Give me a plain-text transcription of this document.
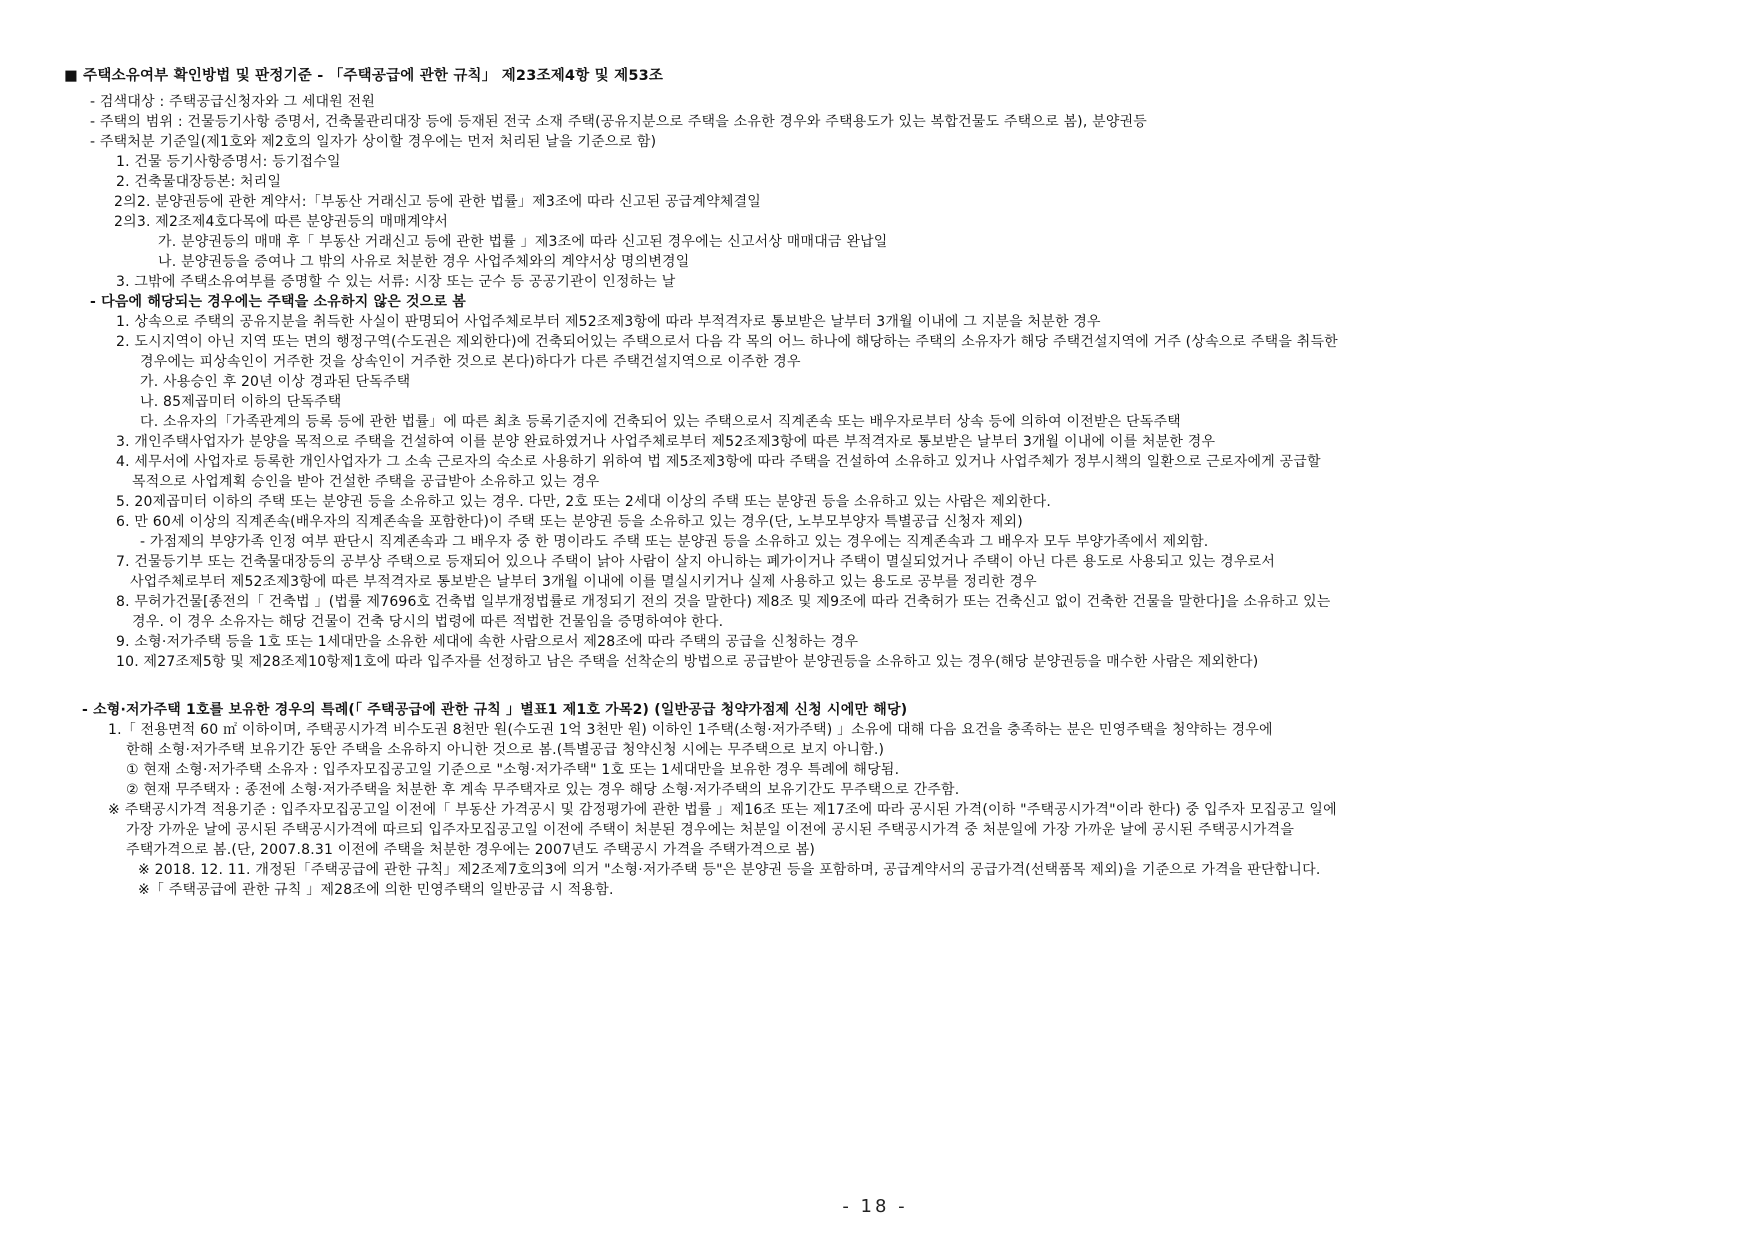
■ 주택소유여부 확인방법 및 판정기준 - 「주택공급에 관한 규칙」 제23조제4항 및 제53조
- 검색대상 : 주택공급신청자와 그 세대원 전원
- 주택의 범위 : 건물등기사항 증명서, 건축물관리대장 등에 등재된 전국 소재 주택(공유지분으로 주택을 소유한 경우와 주택용도가 있는 복합건물도 주택으로 봄), 분양권등
- 주택처분 기준일(제1호와 제2호의 일자가 상이할 경우에는 먼저 처리된 날을 기준으로 함)
1. 건물 등기사항증명서: 등기접수일
2. 건축물대장등본: 처리일
2의2. 분양권등에 관한 계약서:「부동산 거래신고 등에 관한 법률」제3조에 따라 신고된 공급계약체결일
2의3. 제2조제4호다목에 따른 분양권등의 매매계약서
가. 분양권등의 매매 후「 부동산 거래신고 등에 관한 법률 」제3조에 따라 신고된 경우에는 신고서상 매매대금 완납일
나. 분양권등을 증여나 그 밖의 사유로 처분한 경우 사업주체와의 계약서상 명의변경일
3. 그밖에 주택소유여부를 증명할 수 있는 서류: 시장 또는 군수 등 공공기관이 인정하는 날
- 다음에 해당되는 경우에는 주택을 소유하지 않은 것으로 봄
1. 상속으로 주택의 공유지분을 취득한 사실이 판명되어 사업주체로부터 제52조제3항에 따라 부적격자로 통보받은 날부터 3개월 이내에 그 지분을 처분한 경우
2. 도시지역이 아닌 지역 또는 면의 행정구역(수도권은 제외한다)에 건축되어있는 주택으로서 다음 각 목의 어느 하나에 해당하는 주택의 소유자가 해당 주택건설지역에 거주 (상속으로 주택을 취득한
경우에는 피상속인이 거주한 것을 상속인이 거주한 것으로 본다)하다가 다른 주택건설지역으로 이주한 경우
가. 사용승인 후 20년 이상 경과된 단독주택
나. 85제곱미터 이하의 단독주택
다. 소유자의「가족관계의 등록 등에 관한 법률」에 따른 최초 등록기준지에 건축되어 있는 주택으로서 직계존속 또는 배우자로부터 상속 등에 의하여 이전받은 단독주택
3. 개인주택사업자가 분양을 목적으로 주택을 건설하여 이를 분양 완료하였거나 사업주체로부터 제52조제3항에 따른 부적격자로 통보받은 날부터 3개월 이내에 이를 처분한 경우
4. 세무서에 사업자로 등록한 개인사업자가 그 소속 근로자의 숙소로 사용하기 위하여 법 제5조제3항에 따라 주택을 건설하여 소유하고 있거나 사업주체가 정부시책의 일환으로 근로자에게 공급할
목적으로 사업계획 승인을 받아 건설한 주택을 공급받아 소유하고 있는 경우
5. 20제곱미터 이하의 주택 또는 분양권 등을 소유하고 있는 경우. 다만, 2호 또는 2세대 이상의 주택 또는 분양권 등을 소유하고 있는 사람은 제외한다.
6. 만 60세 이상의 직계존속(배우자의 직계존속을 포함한다)이 주택 또는 분양권 등을 소유하고 있는 경우(단, 노부모부양자 특별공급 신청자 제외)
- 가점제의 부양가족 인정 여부 판단시 직계존속과 그 배우자 중 한 명이라도 주택 또는 분양권 등을 소유하고 있는 경우에는 직계존속과 그 배우자 모두 부양가족에서 제외함.
7. 건물등기부 또는 건축물대장등의 공부상 주택으로 등재되어 있으나 주택이 낡아 사람이 살지 아니하는 폐가이거나 주택이 멸실되었거나 주택이 아닌 다른 용도로 사용되고 있는 경우로서
사업주체로부터 제52조제3항에 따른 부적격자로 통보받은 날부터 3개월 이내에 이를 멸실시키거나 실제 사용하고 있는 용도로 공부를 정리한 경우
8. 무허가건물[종전의「 건축법 」(법률 제7696호 건축법 일부개정법률로 개정되기 전의 것을 말한다) 제8조 및 제9조에 따라 건축허가 또는 건축신고 없이 건축한 건물을 말한다]을 소유하고 있는
경우. 이 경우 소유자는 해당 건물이 건축 당시의 법령에 따른 적법한 건물임을 증명하여야 한다.
9. 소형·저가주택 등을 1호 또는 1세대만을 소유한 세대에 속한 사람으로서 제28조에 따라 주택의 공급을 신청하는 경우
10. 제27조제5항 및 제28조제10항제1호에 따라 입주자를 선정하고 남은 주택을 선착순의 방법으로 공급받아 분양권등을 소유하고 있는 경우(해당 분양권등을 매수한 사람은 제외한다)
- 소형·저가주택 1호를 보유한 경우의 특례(「 주택공급에 관한 규칙 」별표1 제1호 가목2) (일반공급 청약가점제 신청 시에만 해당)
1.「 전용면적 60 ㎡ 이하이며, 주택공시가격 비수도권 8천만 원(수도권 1억 3천만 원) 이하인 1주택(소형·저가주택) 」소유에 대해 다음 요건을 충족하는 분은 민영주택을 청약하는 경우에
한해 소형·저가주택 보유기간 동안 주택을 소유하지 아니한 것으로 봄.(특별공급 청약신청 시에는 무주택으로 보지 아니함.)
① 현재 소형·저가주택 소유자 : 입주자모집공고일 기준으로 "소형·저가주택" 1호 또는 1세대만을 보유한 경우 특례에 해당됨.
② 현재 무주택자 : 종전에 소형·저가주택을 처분한 후 계속 무주택자로 있는 경우 해당 소형·저가주택의 보유기간도 무주택으로 간주함.
※ 주택공시가격 적용기준 : 입주자모집공고일 이전에「 부동산 가격공시 및 감정평가에 관한 법률 」제16조 또는 제17조에 따라 공시된 가격(이하 "주택공시가격"이라 한다) 중 입주자 모집공고 일에
가장 가까운 날에 공시된 주택공시가격에 따르되 입주자모집공고일 이전에 주택이 처분된 경우에는 처분일 이전에 공시된 주택공시가격 중 처분일에 가장 가까운 날에 공시된 주택공시가격을
주택가격으로 봄.(단, 2007.8.31 이전에 주택을 처분한 경우에는 2007년도 주택공시 가격을 주택가격으로 봄)
※ 2018. 12. 11. 개정된「주택공급에 관한 규칙」제2조제7호의3에 의거 "소형·저가주택 등"은 분양권 등을 포함하며, 공급계약서의 공급가격(선택품목 제외)을 기준으로 가격을 판단합니다.
※「 주택공급에 관한 규칙 」제28조에 의한 민영주택의 일반공급 시 적용함.
- 18 -
